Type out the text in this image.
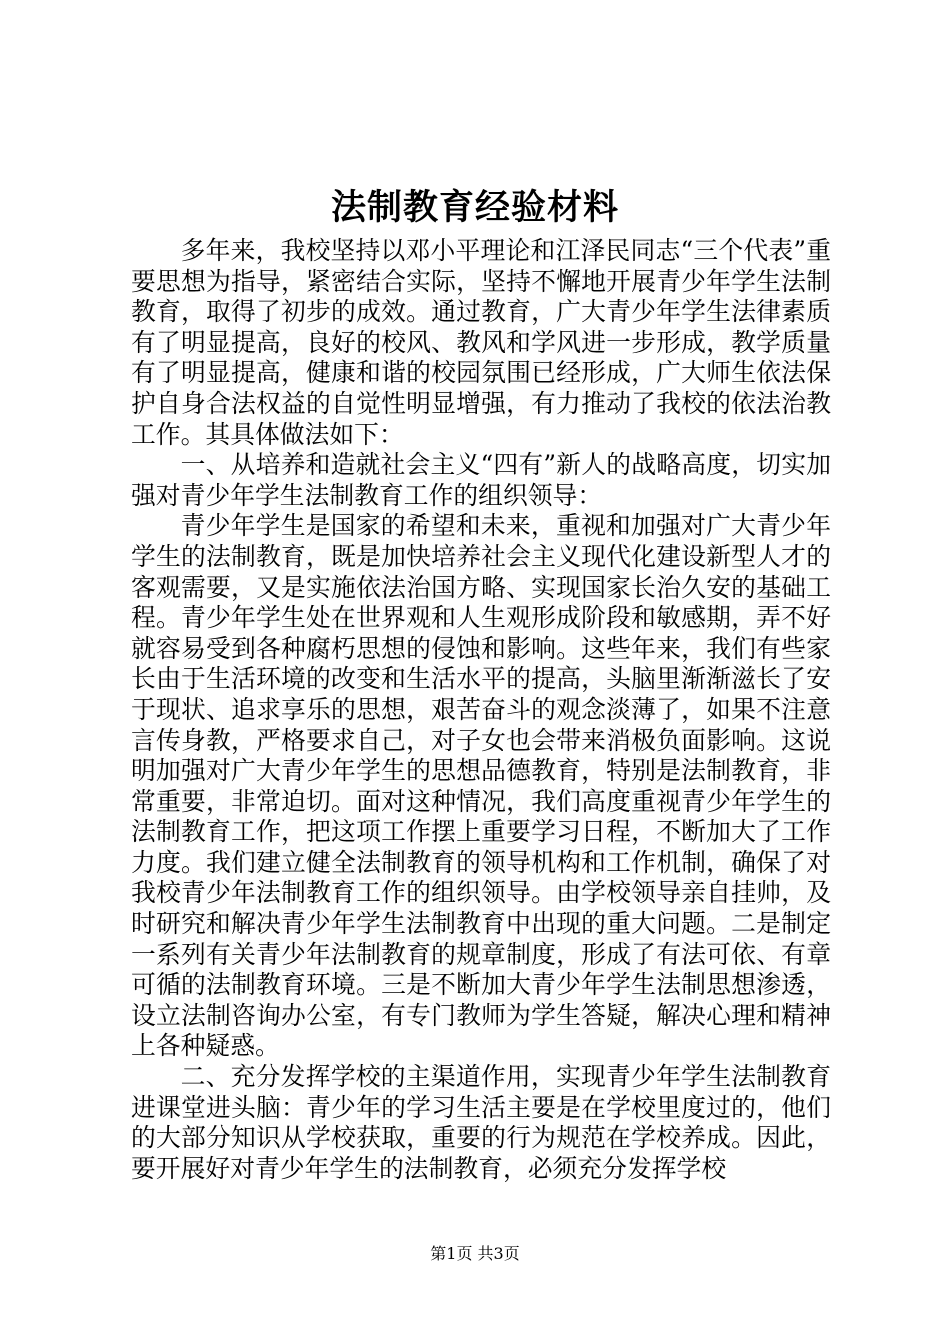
法制教育经验材料

多年来，我校坚持以邓小平理论和江泽民同志“三个代表”重要思想为指导，紧密结合实际，坚持不懈地开展青少年学生法制教育，取得了初步的成效。通过教育，广大青少年学生法律素质有了明显提高，良好的校风、教风和学风进一步形成，教学质量有了明显提高，健康和谐的校园氛围已经形成，广大师生依法保护自身合法权益的自觉性明显增强，有力推动了我校的依法治教工作。其具体做法如下：

一、从培养和造就社会主义“四有”新人的战略高度，切实加强对青少年学生法制教育工作的组织领导：

青少年学生是国家的希望和未来，重视和加强对广大青少年学生的法制教育，既是加快培养社会主义现代化建设新型人才的客观需要，又是实施依法治国方略、实现国家长治久安的基础工程。青少年学生处在世界观和人生观形成阶段和敏感期，弄不好就容易受到各种腐朽思想的侵蚀和影响。这些年来，我们有些家长由于生活环境的改变和生活水平的提高，头脑里渐渐滋长了安于现状、追求享乐的思想，艰苦奋斗的观念淡薄了，如果不注意言传身教，严格要求自己，对子女也会带来消极负面影响。这说明加强对广大青少年学生的思想品德教育，特别是法制教育，非常重要，非常迫切。面对这种情况，我们高度重视青少年学生的法制教育工作，把这项工作摆上重要学习日程，不断加大了工作力度。我们建立健全法制教育的领导机构和工作机制，确保了对我校青少年法制教育工作的组织领导。由学校领导亲自挂帅，及时研究和解决青少年学生法制教育中出现的重大问题。二是制定一系列有关青少年法制教育的规章制度，形成了有法可依、有章可循的法制教育环境。三是不断加大青少年学生法制思想渗透，设立法制咨询办公室，有专门教师为学生答疑，解决心理和精神上各种疑惑。

二、充分发挥学校的主渠道作用，实现青少年学生法制教育进课堂进头脑：青少年的学习生活主要是在学校里度过的，他们的大部分知识从学校获取，重要的行为规范在学校养成。因此，要开展好对青少年学生的法制教育，必须充分发挥学校

第1页 共3页
